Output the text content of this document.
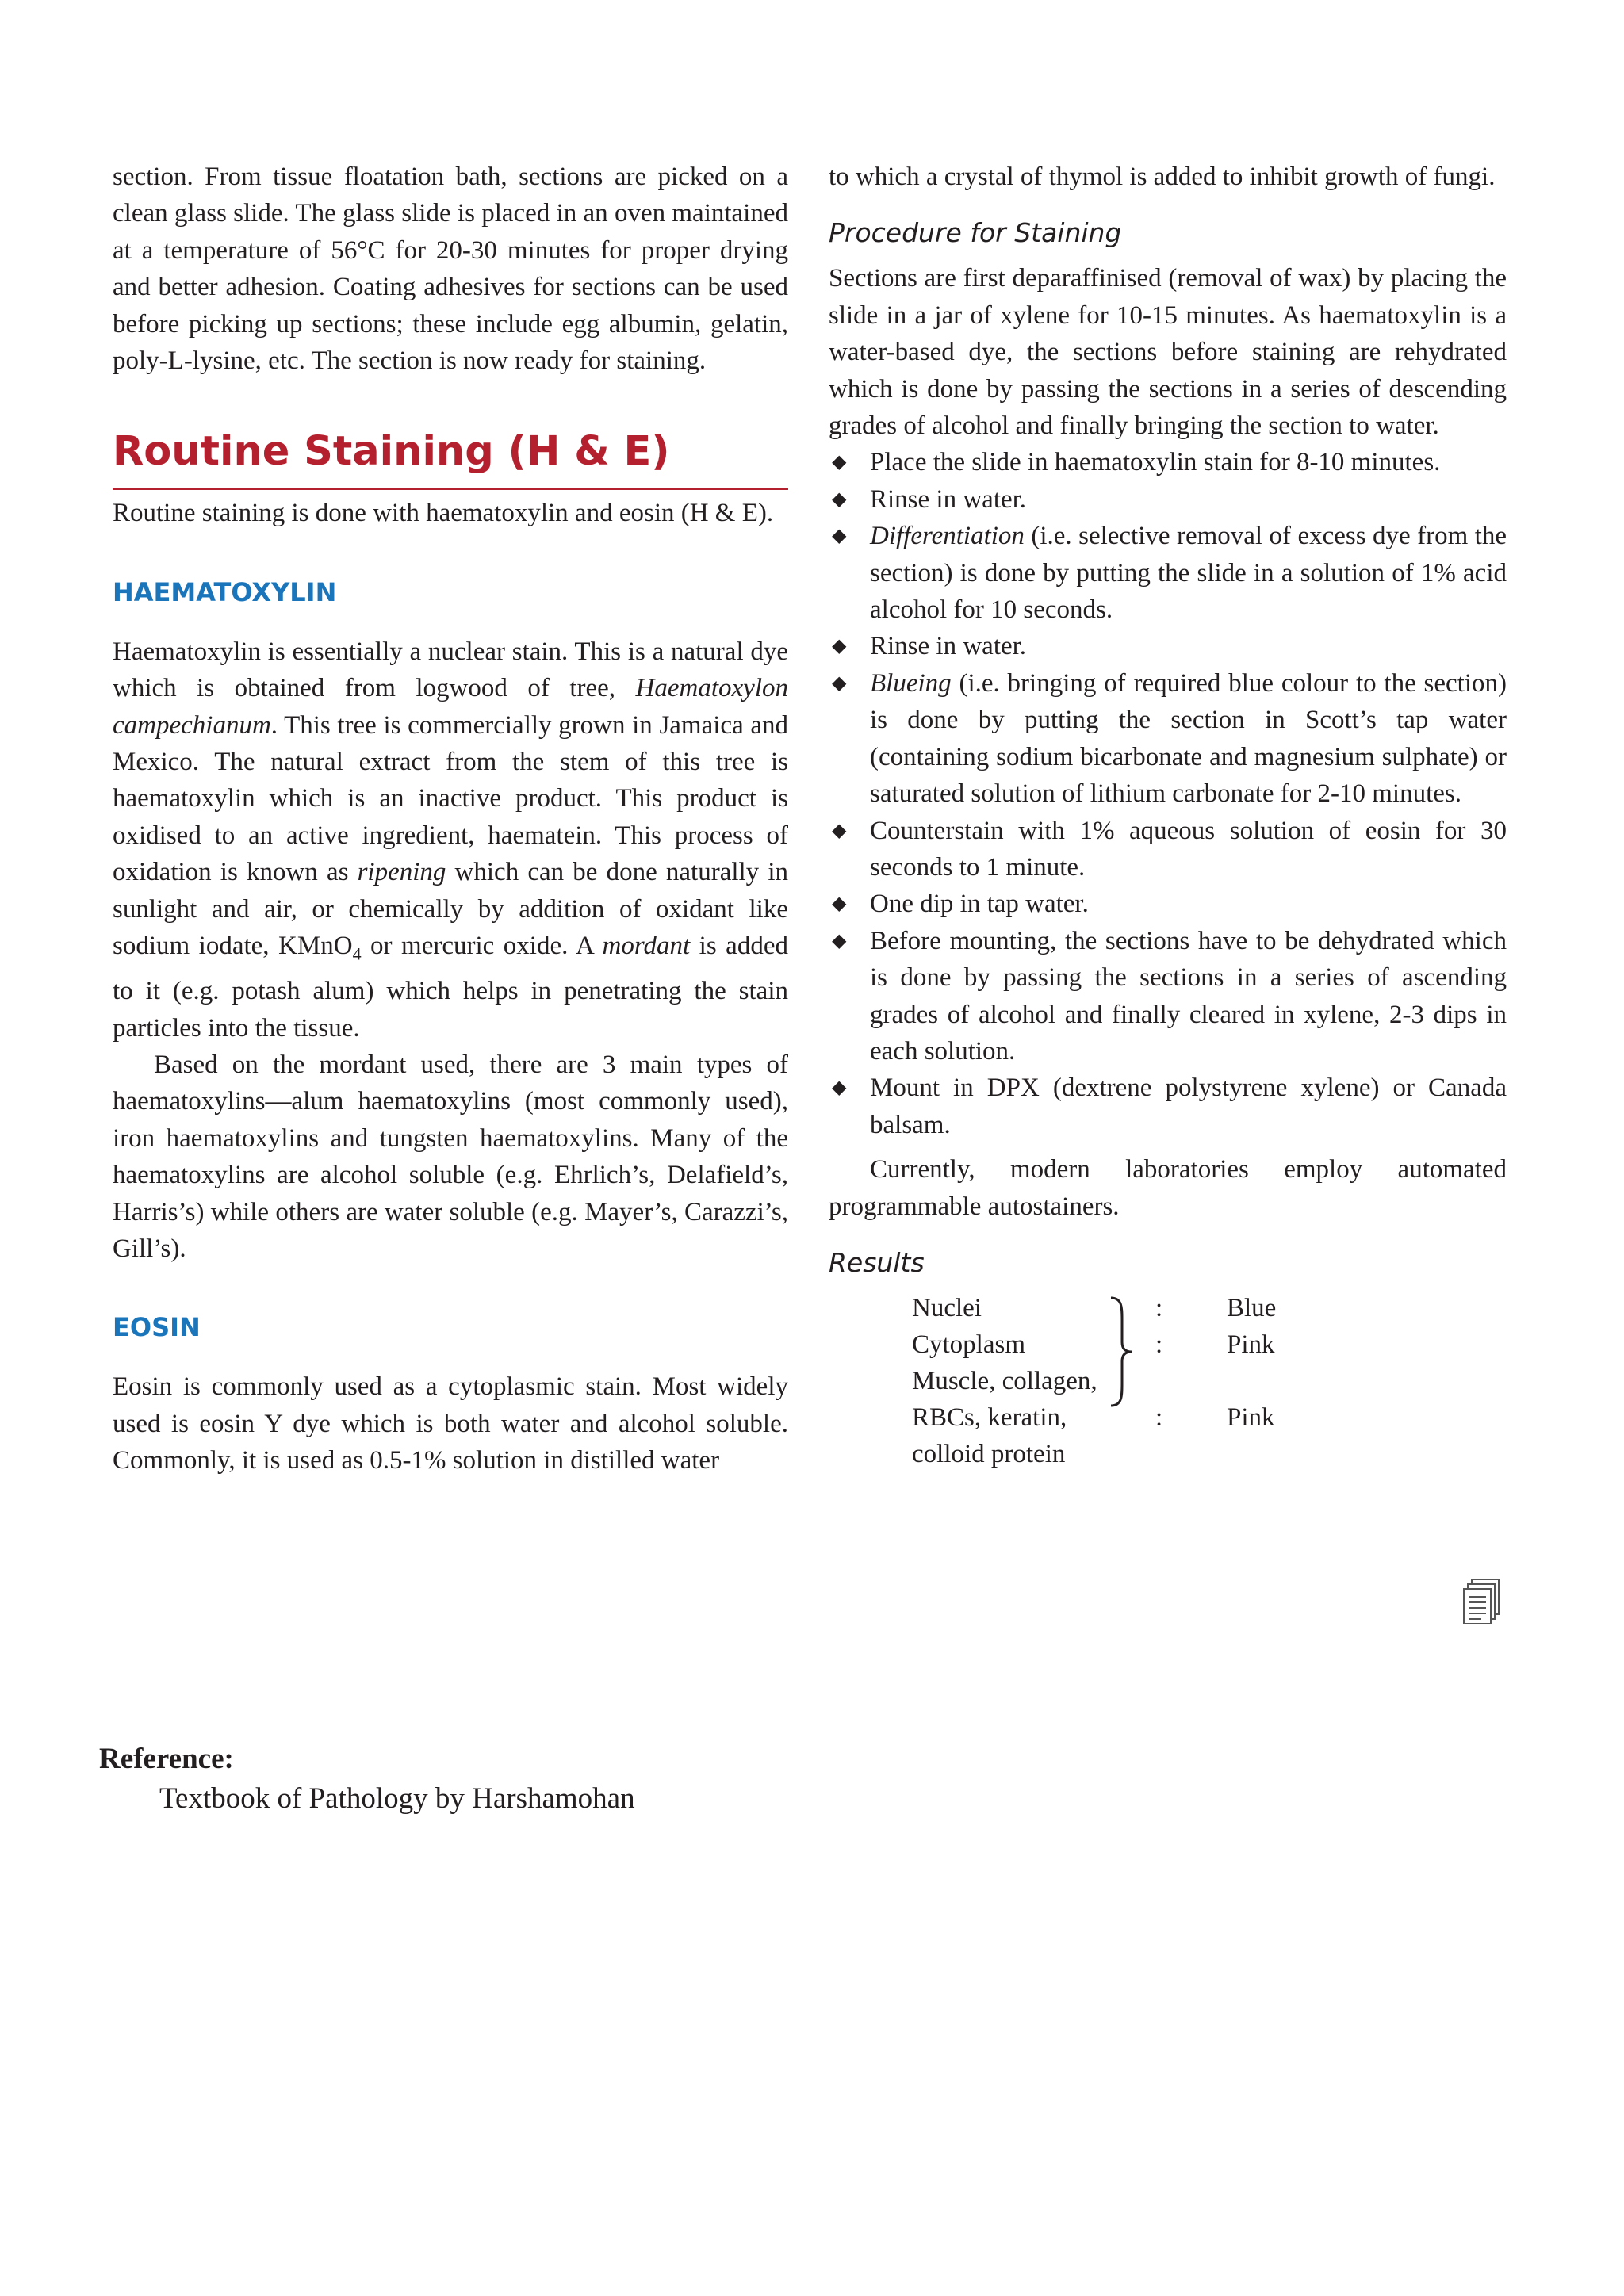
section. From tissue floatation bath, sections are picked on a clean glass slide. The glass slide is placed in an oven maintained at a temperature of 56°C for 20-30 minutes for proper drying and better adhesion. Coating adhesives for sections can be used before picking up sections; these include egg albumin, gelatin, poly-L-lysine, etc. The section is now ready for staining.

Routine Staining (H & E)

Routine staining is done with haematoxylin and eosin (H & E).

HAEMATOXYLIN

Haematoxylin is essentially a nuclear stain. This is a natural dye which is obtained from logwood of tree, Haematoxylon campechianum. This tree is commercially grown in Jamaica and Mexico. The natural extract from the stem of this tree is haematoxylin which is an inactive product. This product is oxidised to an active ingredient, haematein. This process of oxidation is known as ripening which can be done naturally in sunlight and air, or chemically by addition of oxidant like sodium iodate, KMnO$_4$ or mercuric oxide. A mordant is added to it (e.g. potash alum) which helps in penetrating the stain particles into the tissue.

Based on the mordant used, there are 3 main types of haematoxylins—alum haematoxylins (most commonly used), iron haematoxylins and tungsten haematoxylins. Many of the haematoxylins are alcohol soluble (e.g. Ehrlich’s, Delafield’s, Harris’s) while others are water soluble (e.g. Mayer’s, Carazzi’s, Gill’s).

EOSIN

Eosin is commonly used as a cytoplasmic stain. Most widely used is eosin Y dye which is both water and alcohol soluble. Commonly, it is used as 0.5-1% solution in distilled water

to which a crystal of thymol is added to inhibit growth of fungi.

Procedure for Staining

Sections are first deparaffinised (removal of wax) by placing the slide in a jar of xylene for 10-15 minutes. As haematoxylin is a water-based dye, the sections before staining are rehydrated which is done by passing the sections in a series of descending grades of alcohol and finally bringing the section to water.

◆ Place the slide in haematoxylin stain for 8-10 minutes.
◆ Rinse in water.
◆ Differentiation (i.e. selective removal of excess dye from the section) is done by putting the slide in a solution of 1% acid alcohol for 10 seconds.
◆ Rinse in water.
◆ Blueing (i.e. bringing of required blue colour to the section) is done by putting the section in Scott’s tap water (containing sodium bicarbonate and magnesium sulphate) or saturated solution of lithium carbonate for 2-10 minutes.
◆ Counterstain with 1% aqueous solution of eosin for 30 seconds to 1 minute.
◆ One dip in tap water.
◆ Before mounting, the sections have to be dehydrated which is done by passing the sections in a series of ascending grades of alcohol and finally cleared in xylene, 2-3 dips in each solution.
◆ Mount in DPX (dextrene polystyrene xylene) or Canada balsam.

Currently, modern laboratories employ automated programmable autostainers.

Results
Nuclei
Cytoplasm
Muscle, collagen,
RBCs, keratin,
colloid protein
:
:
:
Blue
Pink
Pink
Reference:
Textbook of Pathology by Harshamohan
